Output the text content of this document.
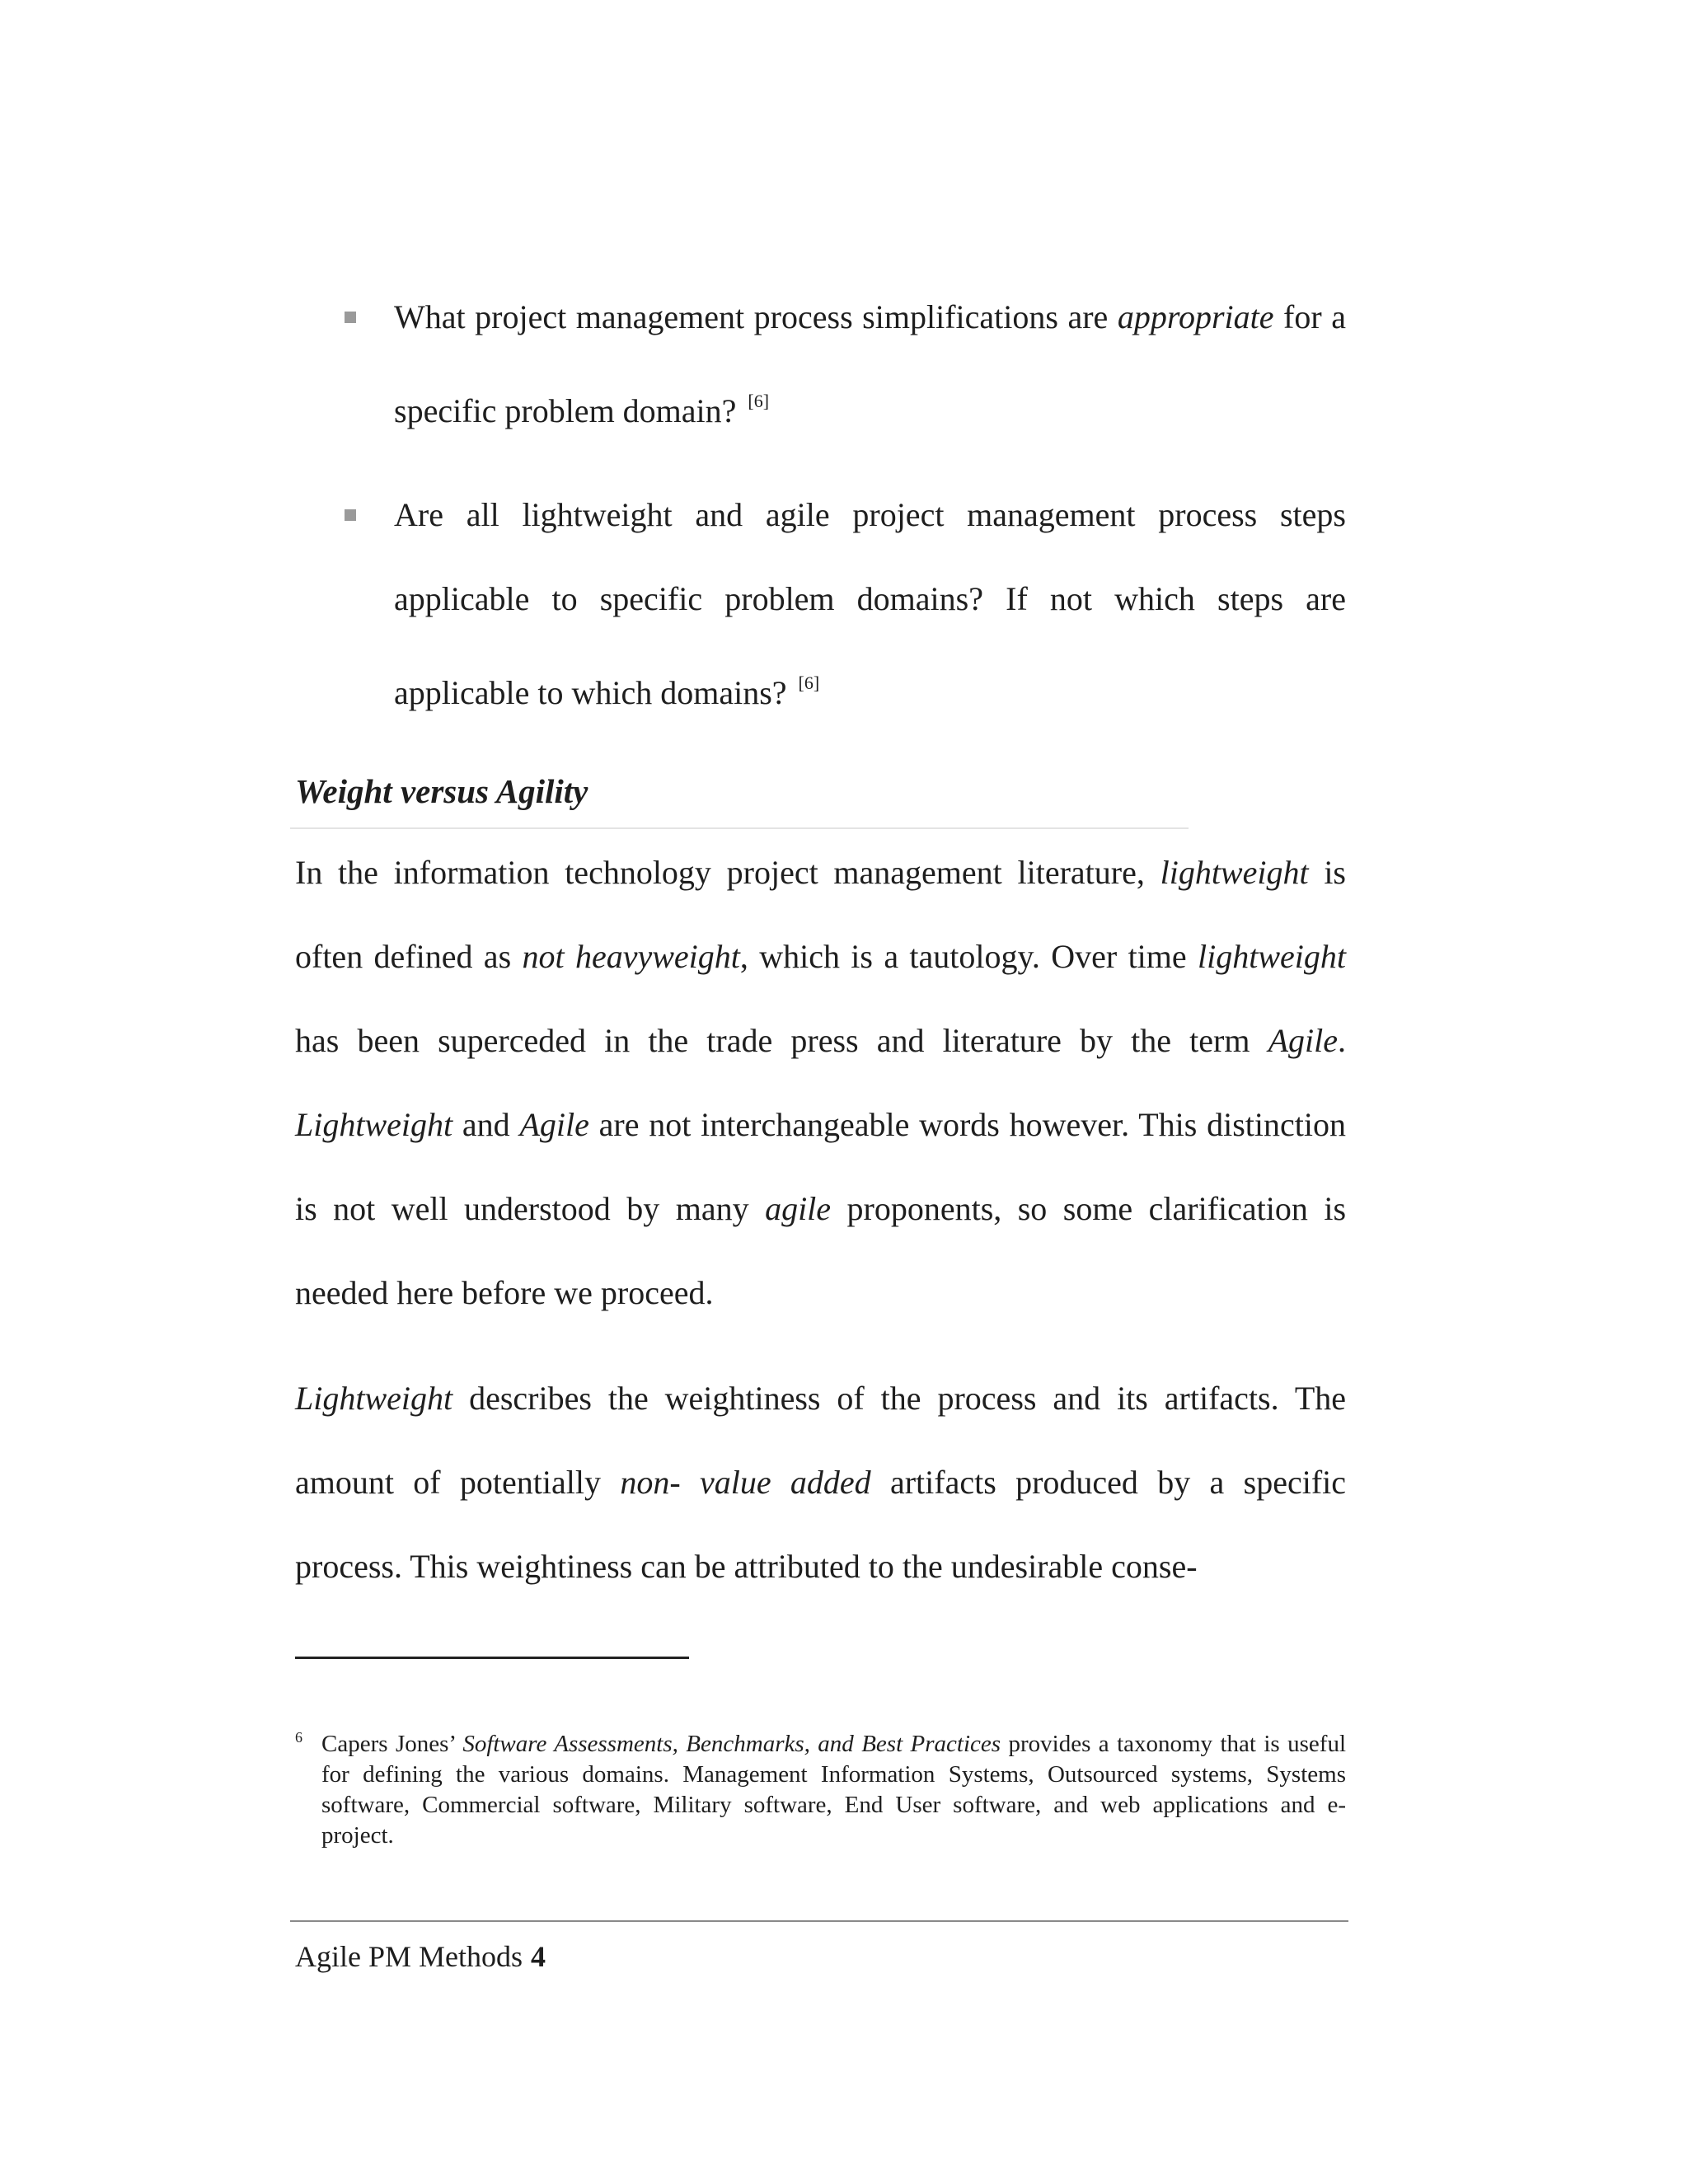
What project management process simplifications are appropriate for a specific problem domain? [6]
Are all lightweight and agile project management process steps applicable to specific problem domains? If not which steps are applicable to which domains? [6]
Weight versus Agility
In the information technology project management literature, lightweight is often defined as not heavyweight, which is a tautology. Over time lightweight has been superceded in the trade press and literature by the term Agile. Lightweight and Agile are not interchangeable words however. This distinction is not well understood by many agile proponents, so some clarification is needed here before we proceed.
Lightweight describes the weightiness of the process and its artifacts. The amount of potentially non- value added artifacts produced by a specific process. This weightiness can be attributed to the undesirable conse-
6 Capers Jones’ Software Assessments, Benchmarks, and Best Practices provides a taxonomy that is useful for defining the various domains. Management Information Systems, Outsourced systems, Systems software, Commercial software, Military software, End User software, and web applications and e- project.
Agile PM Methods 4
